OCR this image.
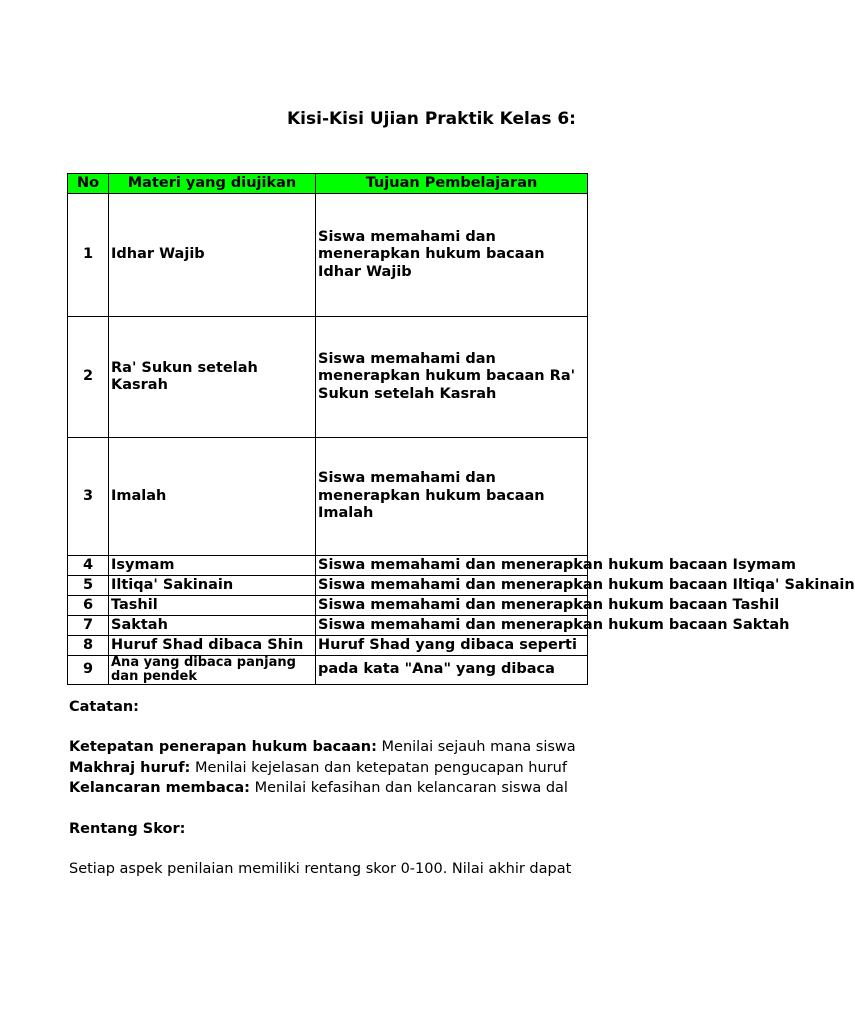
Kisi-Kisi Ujian Praktik Kelas 6:
No	Materi yang diujikan	Tujuan Pembelajaran
1	Idhar Wajib	Siswa memahami dan menerapkan hukum bacaan Idhar Wajib
2	Ra' Sukun setelah Kasrah	Siswa memahami dan menerapkan hukum bacaan Ra' Sukun setelah Kasrah
3	Imalah	Siswa memahami dan menerapkan hukum bacaan Imalah
4	Isymam	Siswa memahami dan menerapkan hukum bacaan Isymam
5	Iltiqa' Sakinain	Siswa memahami dan menerapkan hukum bacaan Iltiqa' Sakinain
6	Tashil	Siswa memahami dan menerapkan hukum bacaan Tashil
7	Saktah	Siswa memahami dan menerapkan hukum bacaan Saktah
8	Huruf Shad dibaca Shin	Huruf Shad yang dibaca seperti
9	Ana yang dibaca panjang dan pendek	pada kata "Ana" yang dibaca
Catatan:
Ketepatan penerapan hukum bacaan: Menilai sejauh mana siswa
Makhraj huruf: Menilai kejelasan dan ketepatan pengucapan huruf
Kelancaran membaca: Menilai kefasihan dan kelancaran siswa dal
Rentang Skor:
Setiap aspek penilaian memiliki rentang skor 0-100. Nilai akhir dapat
